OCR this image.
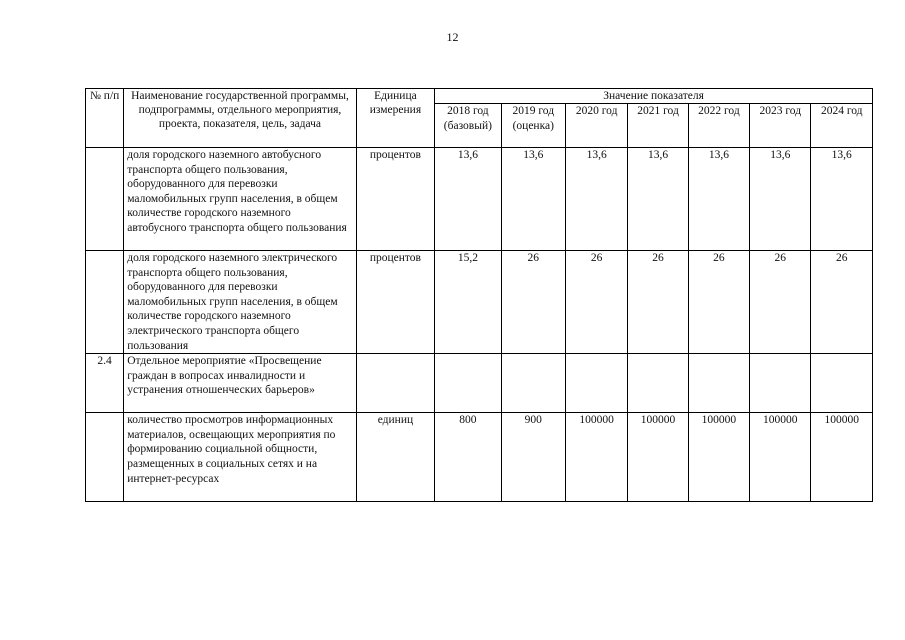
12
№ п/п	Наименование государственной программы, подпрограммы, отдельного мероприятия, проекта, показателя, цель, задача	Единица измерения	Значение показателя						
			2018 год (базовый)	2019 год (оценка)	2020 год	2021 год	2022 год	2023 год	2024 год
	доля городского наземного автобусного транспорта общего пользования, оборудованного для перевозки маломобильных групп населения, в общем количестве городского наземного автобусного транспорта общего пользования	процентов	13,6	13,6	13,6	13,6	13,6	13,6	13,6
	доля городского наземного электрического транспорта общего пользования, оборудованного для перевозки маломобильных групп населения, в общем количестве городского наземного электрического транспорта общего пользования	процентов	15,2	26	26	26	26	26	26
2.4	Отдельное мероприятие «Просвещение граждан в вопросах инвалидности и устранения отношенческих барьеров»								
	количество просмотров информационных материалов, освещающих мероприятия по формированию социальной общности, размещенных в социальных сетях и на интернет-ресурсах	единиц	800	900	100000	100000	100000	100000	100000
